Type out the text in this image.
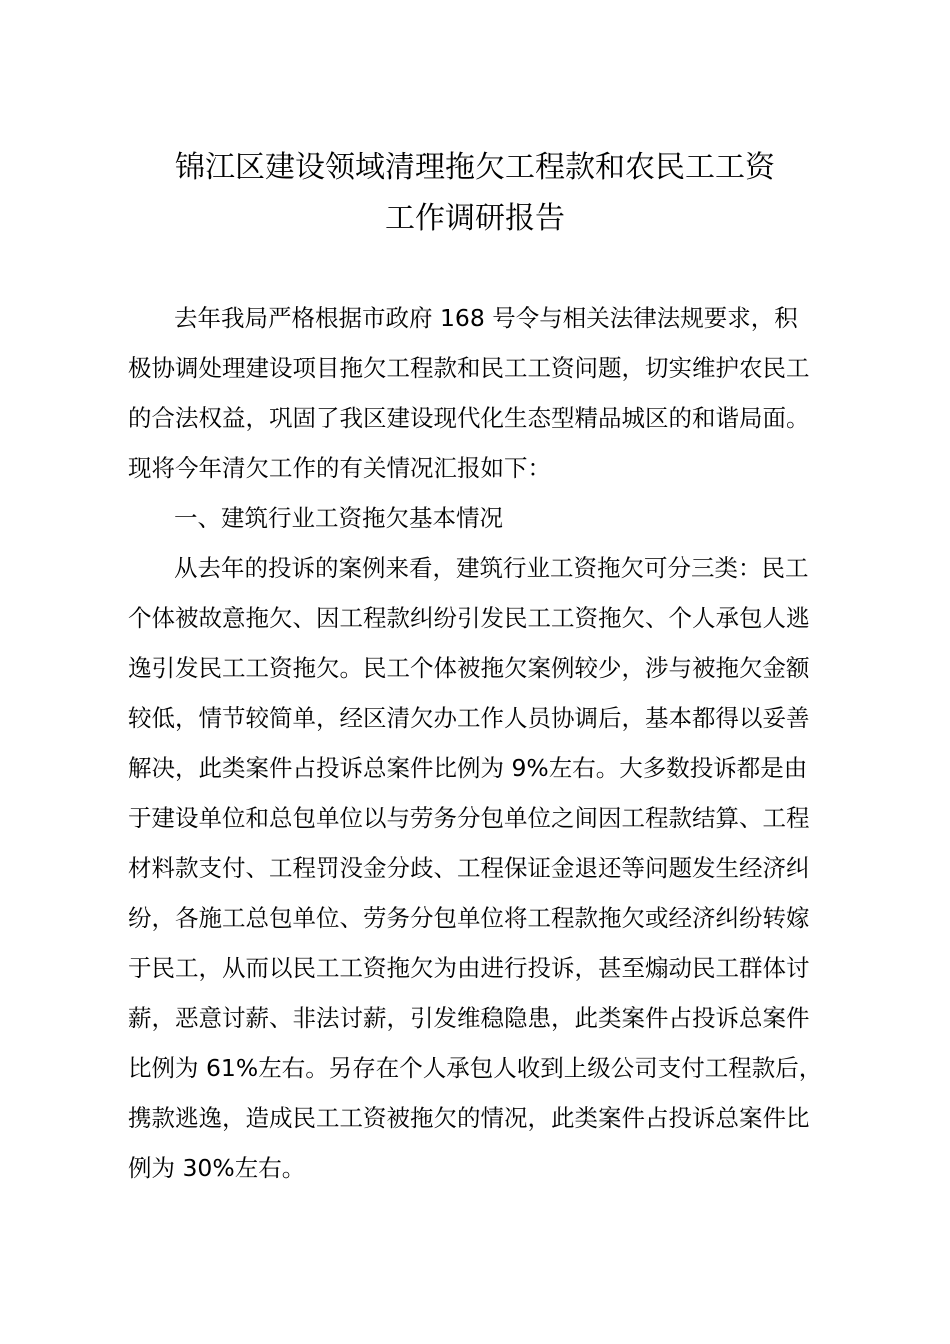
锦江区建设领域清理拖欠工程款和农民工工资
工作调研报告
去年我局严格根据市政府 168 号令与相关法律法规要求，积
极协调处理建设项目拖欠工程款和民工工资问题，切实维护农民工
的合法权益，巩固了我区建设现代化生态型精品城区的和谐局面。
现将今年清欠工作的有关情况汇报如下：
一、建筑行业工资拖欠基本情况
从去年的投诉的案例来看，建筑行业工资拖欠可分三类：民工
个体被故意拖欠、因工程款纠纷引发民工工资拖欠、个人承包人逃
逸引发民工工资拖欠。民工个体被拖欠案例较少，涉与被拖欠金额
较低，情节较简单，经区清欠办工作人员协调后，基本都得以妥善
解决，此类案件占投诉总案件比例为 9%左右。大多数投诉都是由
于建设单位和总包单位以与劳务分包单位之间因工程款结算、工程
材料款支付、工程罚没金分歧、工程保证金退还等问题发生经济纠
纷，各施工总包单位、劳务分包单位将工程款拖欠或经济纠纷转嫁
于民工，从而以民工工资拖欠为由进行投诉，甚至煽动民工群体讨
薪，恶意讨薪、非法讨薪，引发维稳隐患，此类案件占投诉总案件
比例为 61%左右。另存在个人承包人收到上级公司支付工程款后，
携款逃逸，造成民工工资被拖欠的情况，此类案件占投诉总案件比
例为 30%左右。
